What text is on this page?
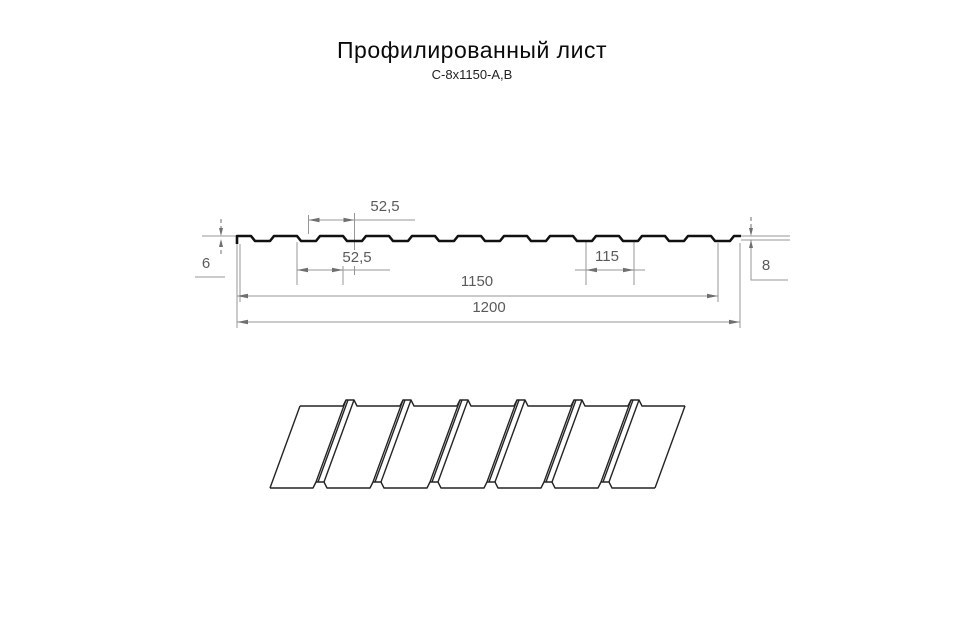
Профилированный лист
С-8х1150-А,В
52,5
52,5	115
1150
1200
6	8
